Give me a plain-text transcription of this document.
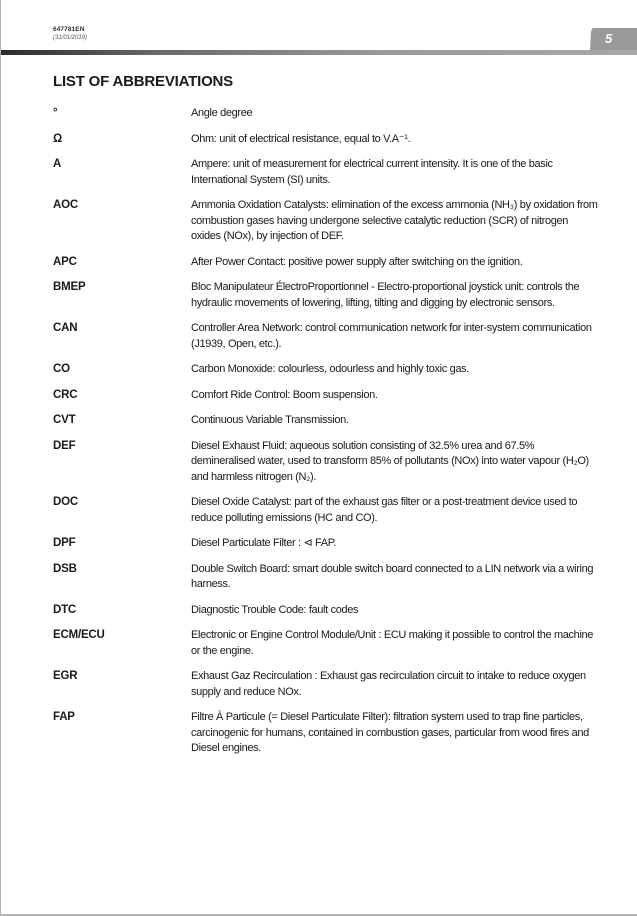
647781EN
(31/01/2019)	5
LIST OF ABBREVIATIONS
°	Angle degree
Ω	Ohm: unit of electrical resistance, equal to V.A⁻¹.
A	Ampere: unit of measurement for electrical current intensity. It is one of the basic International System (SI) units.
AOC	Ammonia Oxidation Catalysts: elimination of the excess ammonia (NH₃) by oxidation from combustion gases having undergone selective catalytic reduction (SCR) of nitrogen oxides (NOx), by injection of DEF.
APC	After Power Contact: positive power supply after switching on the ignition.
BMEP	Bloc Manipulateur ÉlectroProportionnel - Electro-proportional joystick unit: controls the hydraulic movements of lowering, lifting, tilting and digging by electronic sensors.
CAN	Controller Area Network: control communication network for inter-system communication (J1939, Open, etc.).
CO	Carbon Monoxide: colourless, odourless and highly toxic gas.
CRC	Comfort Ride Control: Boom suspension.
CVT	Continuous Variable Transmission.
DEF	Diesel Exhaust Fluid: aqueous solution consisting of 32.5% urea and 67.5% demineralised water, used to transform 85% of pollutants (NOx) into water vapour (H₂O) and harmless nitrogen (N₂).
DOC	Diesel Oxide Catalyst: part of the exhaust gas filter or a post-treatment device used to reduce polluting emissions (HC and CO).
DPF	Diesel Particulate Filter : ⊲ FAP.
DSB	Double Switch Board: smart double switch board connected to a LIN network via a wiring harness.
DTC	Diagnostic Trouble Code: fault codes
ECM/ECU	Electronic or Engine Control Module/Unit : ECU making it possible to control the machine or the engine.
EGR	Exhaust Gaz Recirculation : Exhaust gas recirculation circuit to intake to reduce oxygen supply and reduce NOx.
FAP	Filtre À Particule (= Diesel Particulate Filter): filtration system used to trap fine particles, carcinogenic for humans, contained in combustion gases, particular from wood fires and Diesel engines.
